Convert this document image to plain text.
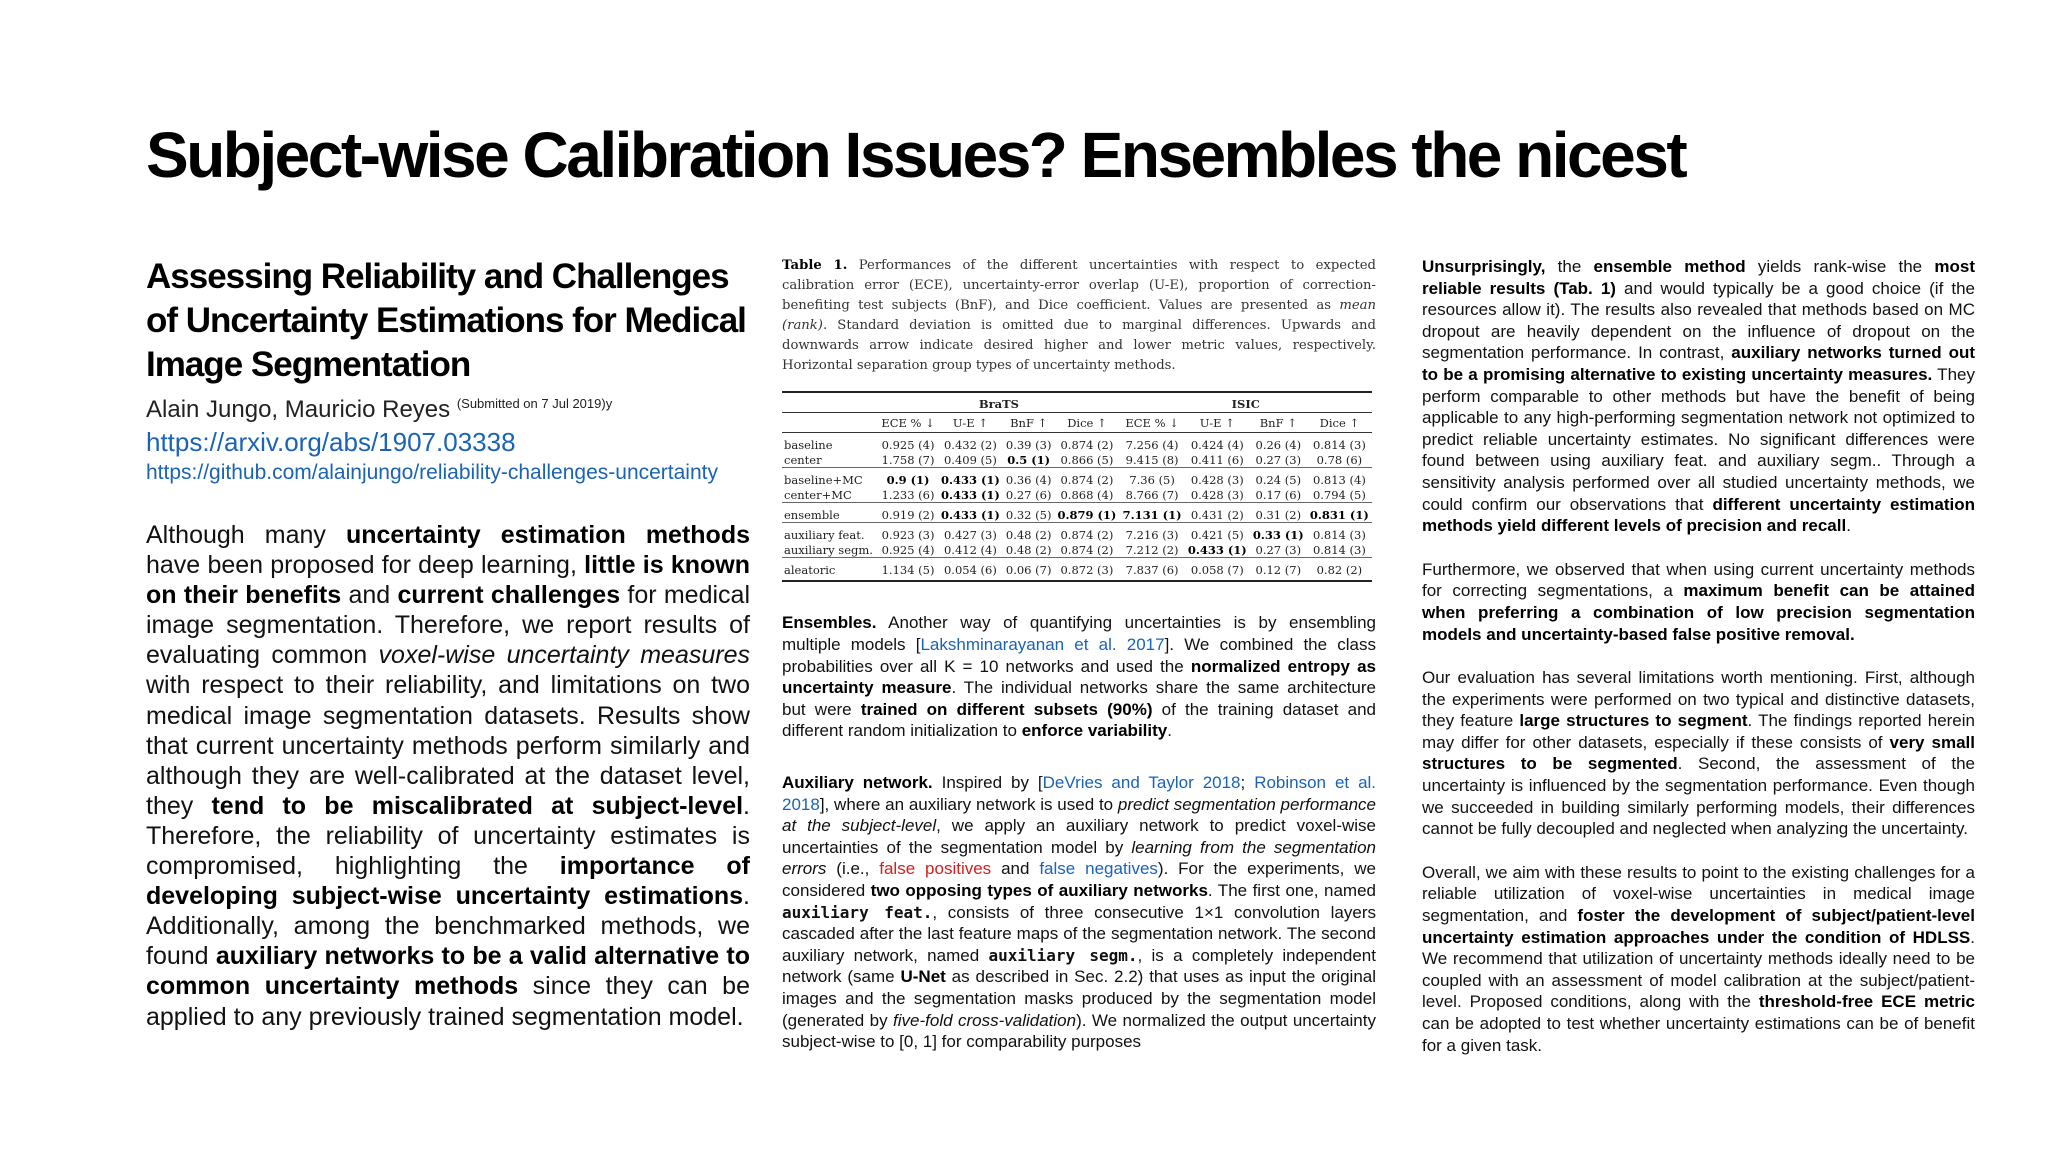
Subject-wise Calibration Issues? Ensembles the nicest
Assessing Reliability and Challenges of Uncertainty Estimations for Medical Image Segmentation
Alain Jungo, Mauricio Reyes $^{(Submitted on 7 Jul 2019)y}$
https://arxiv.org/abs/1907.03338
https://github.com/alainjungo/reliability-challenges-uncertainty
Although many uncertainty estimation methods have been proposed for deep learning, little is known on their benefits and current challenges for medical image segmentation. Therefore, we report results of evaluating common voxel-wise uncertainty measures with respect to their reliability, and limitations on two medical image segmentation datasets. Results show that current uncertainty methods perform similarly and although they are well-calibrated at the dataset level, they tend to be miscalibrated at subject-level. Therefore, the reliability of uncertainty estimates is compromised, highlighting the importance of developing subject-wise uncertainty estimations. Additionally, among the benchmarked methods, we found auxiliary networks to be a valid alternative to common uncertainty methods since they can be applied to any previously trained segmentation model.
Table 1. Performances of the different uncertainties with respect to expected calibration error (ECE), uncertainty-error overlap (U-E), proportion of correction-benefiting test subjects (BnF), and Dice coefficient. Values are presented as mean (rank). Standard deviation is omitted due to marginal differences. Upwards and downwards arrow indicate desired higher and lower metric values, respectively. Horizontal separation group types of uncertainty methods.
	BraTS				ISIC			
	ECE % ↓	U-E ↑	BnF ↑	Dice ↑	ECE % ↓	U-E ↑	BnF ↑	Dice ↑
baseline	0.925 (4)	0.432 (2)	0.39 (3)	0.874 (2)	7.256 (4)	0.424 (4)	0.26 (4)	0.814 (3)
center	1.758 (7)	0.409 (5)	0.5 (1)	0.866 (5)	9.415 (8)	0.411 (6)	0.27 (3)	0.78 (6)
baseline+MC	0.9 (1)	0.433 (1)	0.36 (4)	0.874 (2)	7.36 (5)	0.428 (3)	0.24 (5)	0.813 (4)
center+MC	1.233 (6)	0.433 (1)	0.27 (6)	0.868 (4)	8.766 (7)	0.428 (3)	0.17 (6)	0.794 (5)
ensemble	0.919 (2)	0.433 (1)	0.32 (5)	0.879 (1)	7.131 (1)	0.431 (2)	0.31 (2)	0.831 (1)
auxiliary feat.	0.923 (3)	0.427 (3)	0.48 (2)	0.874 (2)	7.216 (3)	0.421 (5)	0.33 (1)	0.814 (3)
auxiliary segm.	0.925 (4)	0.412 (4)	0.48 (2)	0.874 (2)	7.212 (2)	0.433 (1)	0.27 (3)	0.814 (3)
aleatoric	1.134 (5)	0.054 (6)	0.06 (7)	0.872 (3)	7.837 (6)	0.058 (7)	0.12 (7)	0.82 (2)
Ensembles. Another way of quantifying uncertainties is by ensembling multiple models [Lakshminarayanan et al. 2017]. We combined the class probabilities over all K = 10 networks and used the normalized entropy as uncertainty measure. The individual networks share the same architecture but were trained on different subsets (90%) of the training dataset and different random initialization to enforce variability.
Auxiliary network. Inspired by [DeVries and Taylor 2018; Robinson et al. 2018], where an auxiliary network is used to predict segmentation performance at the subject-level, we apply an auxiliary network to predict voxel-wise uncertainties of the segmentation model by learning from the segmentation errors (i.e., false positives and false negatives). For the experiments, we considered two opposing types of auxiliary networks. The first one, named auxiliary feat., consists of three consecutive 1×1 convolution layers cascaded after the last feature maps of the segmentation network. The second auxiliary network, named auxiliary segm., is a completely independent network (same U-Net as described in Sec. 2.2) that uses as input the original images and the segmentation masks produced by the segmentation model (generated by five-fold cross-validation). We normalized the output uncertainty subject-wise to [0, 1] for comparability purposes
Unsurprisingly, the ensemble method yields rank-wise the most reliable results (Tab. 1) and would typically be a good choice (if the resources allow it). The results also revealed that methods based on MC dropout are heavily dependent on the influence of dropout on the segmentation performance. In contrast, auxiliary networks turned out to be a promising alternative to existing uncertainty measures. They perform comparable to other methods but have the benefit of being applicable to any high-performing segmentation network not optimized to predict reliable uncertainty estimates. No significant differences were found between using auxiliary feat. and auxiliary segm.. Through a sensitivity analysis performed over all studied uncertainty methods, we could confirm our observations that different uncertainty estimation methods yield different levels of precision and recall.
Furthermore, we observed that when using current uncertainty methods for correcting segmentations, a maximum benefit can be attained when preferring a combination of low precision segmentation models and uncertainty-based false positive removal.
Our evaluation has several limitations worth mentioning. First, although the experiments were performed on two typical and distinctive datasets, they feature large structures to segment. The findings reported herein may differ for other datasets, especially if these consists of very small structures to be segmented. Second, the assessment of the uncertainty is influenced by the segmentation performance. Even though we succeeded in building similarly performing models, their differences cannot be fully decoupled and neglected when analyzing the uncertainty.
Overall, we aim with these results to point to the existing challenges for a reliable utilization of voxel-wise uncertainties in medical image segmentation, and foster the development of subject/patient-level uncertainty estimation approaches under the condition of HDLSS. We recommend that utilization of uncertainty methods ideally need to be coupled with an assessment of model calibration at the subject/patient-level. Proposed conditions, along with the threshold-free ECE metric can be adopted to test whether uncertainty estimations can be of benefit for a given task.
